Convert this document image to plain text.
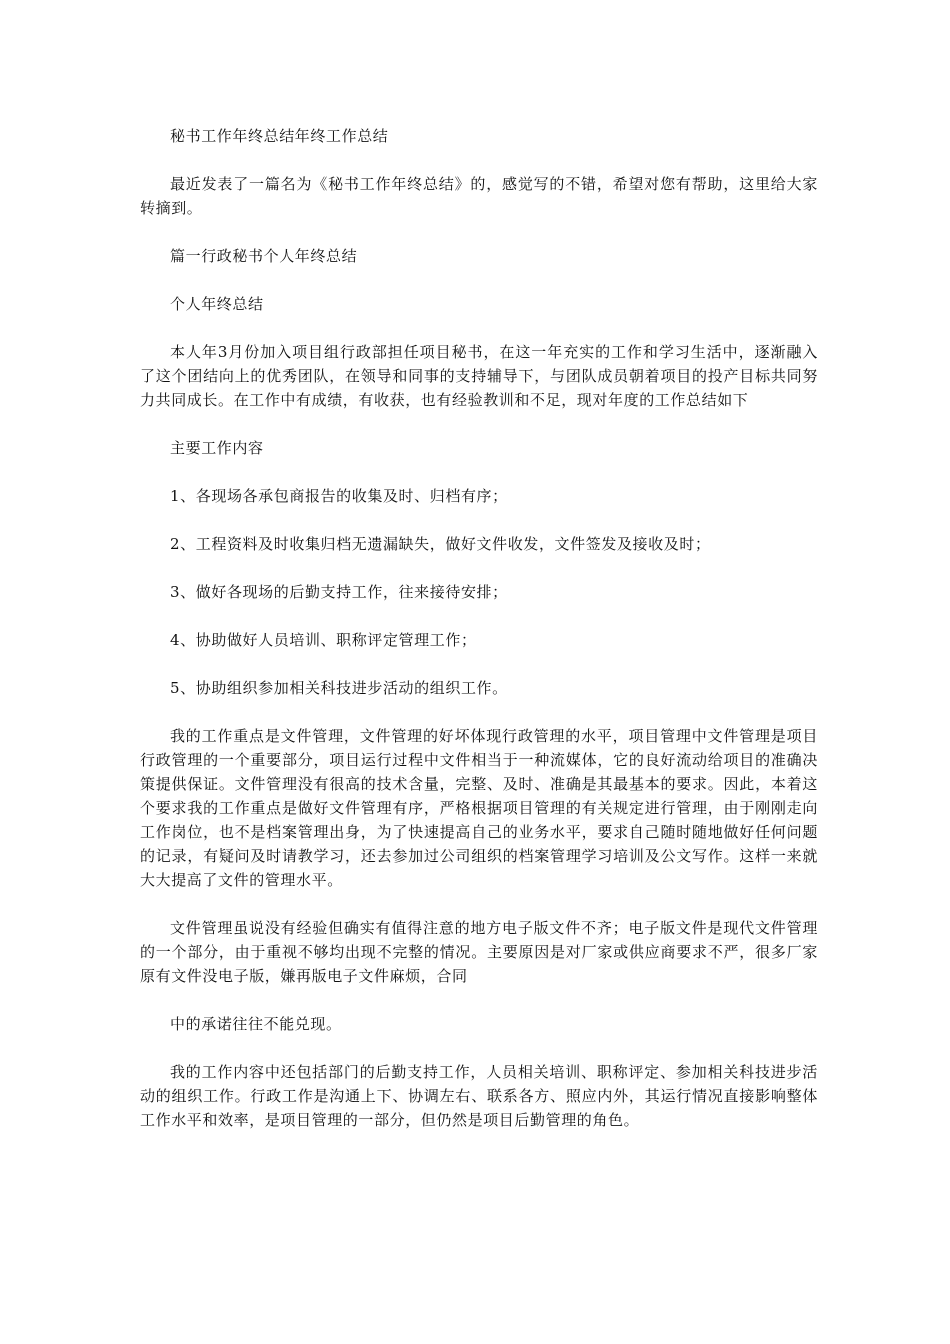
秘书工作年终总结年终工作总结

最近发表了一篇名为《秘书工作年终总结》的，感觉写的不错，希望对您有帮助，这里给大家转摘到。

篇一行政秘书个人年终总结

个人年终总结

本人年3月份加入项目组行政部担任项目秘书，在这一年充实的工作和学习生活中，逐渐融入了这个团结向上的优秀团队，在领导和同事的支持辅导下，与团队成员朝着项目的投产目标共同努力共同成长。在工作中有成绩，有收获，也有经验教训和不足，现对年度的工作总结如下

主要工作内容

1、各现场各承包商报告的收集及时、归档有序；

2、工程资料及时收集归档无遗漏缺失，做好文件收发，文件签发及接收及时；

3、做好各现场的后勤支持工作，往来接待安排；

4、协助做好人员培训、职称评定管理工作；

5、协助组织参加相关科技进步活动的组织工作。

我的工作重点是文件管理，文件管理的好坏体现行政管理的水平，项目管理中文件管理是项目行政管理的一个重要部分，项目运行过程中文件相当于一种流媒体，它的良好流动给项目的准确决策提供保证。文件管理没有很高的技术含量，完整、及时、准确是其最基本的要求。因此，本着这个要求我的工作重点是做好文件管理有序，严格根据项目管理的有关规定进行管理，由于刚刚走向工作岗位，也不是档案管理出身，为了快速提高自己的业务水平，要求自己随时随地做好任何问题的记录，有疑问及时请教学习，还去参加过公司组织的档案管理学习培训及公文写作。这样一来就大大提高了文件的管理水平。

文件管理虽说没有经验但确实有值得注意的地方电子版文件不齐；电子版文件是现代文件管理的一个部分，由于重视不够均出现不完整的情况。主要原因是对厂家或供应商要求不严，很多厂家原有文件没电子版，嫌再版电子文件麻烦，合同

中的承诺往往不能兑现。

我的工作内容中还包括部门的后勤支持工作，人员相关培训、职称评定、参加相关科技进步活动的组织工作。行政工作是沟通上下、协调左右、联系各方、照应内外，其运行情况直接影响整体工作水平和效率，是项目管理的一部分，但仍然是项目后勤管理的角色。
